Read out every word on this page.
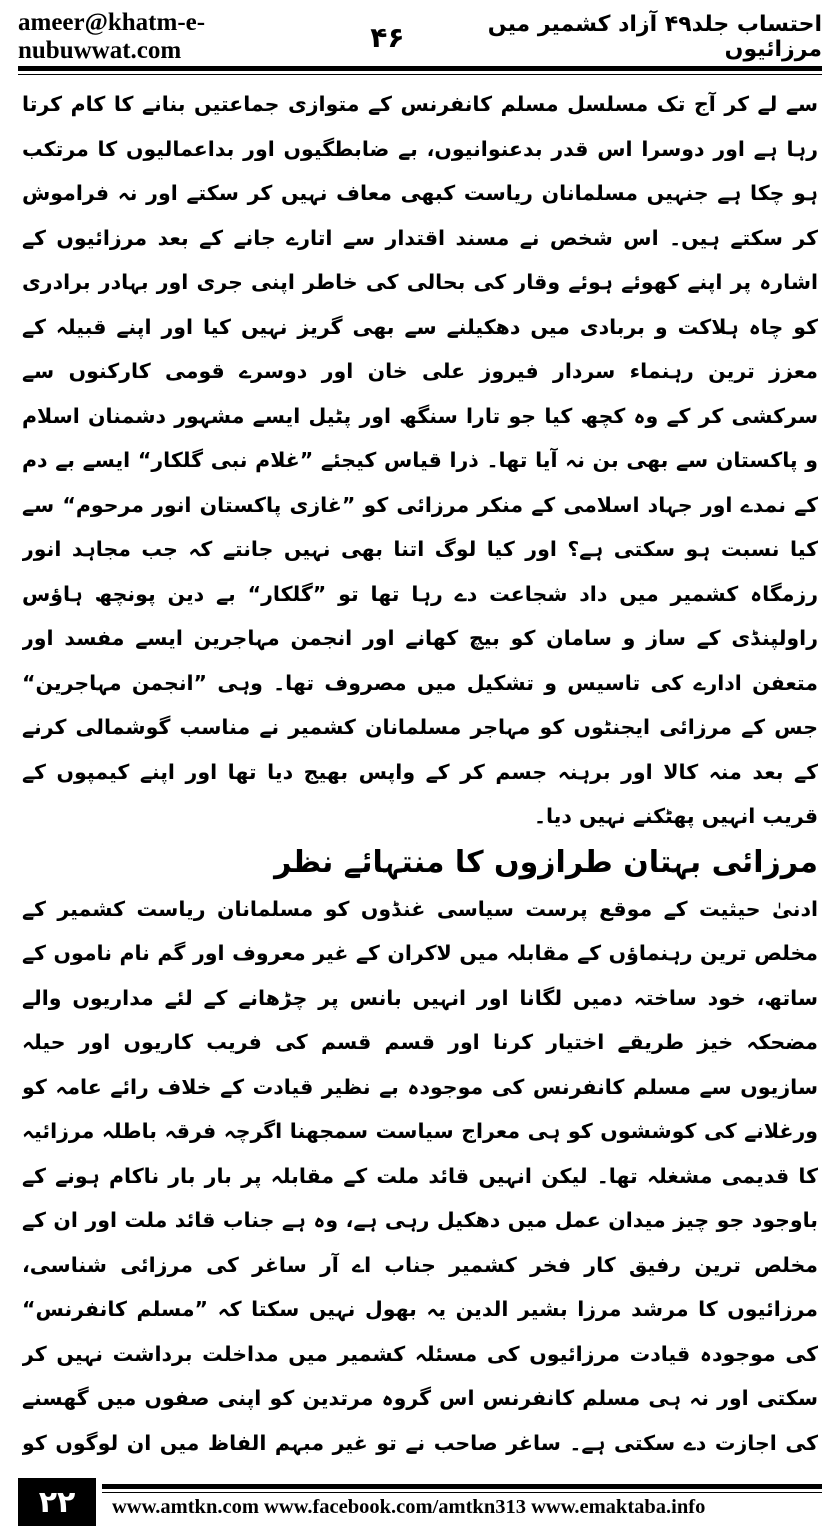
ameer@khatm-e-nubuwwat.com	۴۶	احتساب جلد۴۹ آزاد کشمیر میں مرزائیوں

سے لے کر آج تک مسلسل مسلم کانفرنس کے متوازی جماعتیں بنانے کا کام کرتا رہا ہے اور دوسرا اس قدر بدعنوانیوں، بے ضابطگیوں اور بداعمالیوں کا مرتکب ہو چکا ہے جنہیں مسلمانان ریاست کبھی معاف نہیں کر سکتے اور نہ فراموش کر سکتے ہیں۔ اس شخص نے مسند اقتدار سے اتارے جانے کے بعد مرزائیوں کے اشارہ پر اپنے کھوئے ہوئے وقار کی بحالی کی خاطر اپنی جری اور بہادر برادری کو چاہ ہلاکت و بربادی میں دھکیلنے سے بھی گریز نہیں کیا اور اپنے قبیلہ کے معزز ترین رہنماء سردار فیروز علی خان اور دوسرے قومی کارکنوں سے سرکشی کر کے وہ کچھ کیا جو تارا سنگھ اور پٹیل ایسے مشہور دشمنان اسلام و پاکستان سے بھی بن نہ آیا تھا۔ ذرا قیاس کیجئے ”غلام نبی گلکار“ ایسے بے دم کے نمدے اور جہاد اسلامی کے منکر مرزائی کو ”غازی پاکستان انور مرحوم“ سے کیا نسبت ہو سکتی ہے؟ اور کیا لوگ اتنا بھی نہیں جانتے کہ جب مجاہد انور رزمگاہ کشمیر میں داد شجاعت دے رہا تھا تو ”گلکار“ بے دین پونچھ ہاؤس راولپنڈی کے ساز و سامان کو بیچ کھانے اور انجمن مہاجرین ایسے مفسد اور متعفن ادارے کی تاسیس و تشکیل میں مصروف تھا۔ وہی ”انجمن مہاجرین“ جس کے مرزائی ایجنٹوں کو مہاجر مسلمانان کشمیر نے مناسب گوشمالی کرنے کے بعد منہ کالا اور برہنہ جسم کر کے واپس بھیج دیا تھا اور اپنے کیمپوں کے قریب انہیں پھٹکنے نہیں دیا۔

مرزائی بہتان طرازوں کا منتہائے نظر

ادنیٰ حیثیت کے موقع پرست سیاسی غنڈوں کو مسلمانان ریاست کشمیر کے مخلص ترین رہنماؤں کے مقابلہ میں لاکران کے غیر معروف اور گم نام ناموں کے ساتھ، خود ساختہ دمیں لگانا اور انہیں بانس پر چڑھانے کے لئے مداریوں والے مضحکہ خیز طریقے اختیار کرنا اور قسم قسم کی فریب کاریوں اور حیلہ سازیوں سے مسلم کانفرنس کی موجودہ بے نظیر قیادت کے خلاف رائے عامہ کو ورغلانے کی کوششوں کو ہی معراج سیاست سمجھنا اگرچہ فرقہ باطلہ مرزائیہ کا قدیمی مشغلہ تھا۔ لیکن انہیں قائد ملت کے مقابلہ پر بار بار ناکام ہونے کے باوجود جو چیز میدان عمل میں دھکیل رہی ہے، وہ ہے جناب قائد ملت اور ان کے مخلص ترین رفیق کار فخر کشمیر جناب اے آر ساغر کی مرزائی شناسی، مرزائیوں کا مرشد مرزا بشیر الدین یہ بھول نہیں سکتا کہ ”مسلم کانفرنس“ کی موجودہ قیادت مرزائیوں کی مسئلہ کشمیر میں مداخلت برداشت نہیں کر سکتی اور نہ ہی مسلم کانفرنس اس گروہ مرتدین کو اپنی صفوں میں گھسنے کی اجازت دے سکتی ہے۔ ساغر صاحب نے تو غیر مبہم الفاظ میں ان لوگوں کو

۲۲	www.amtkn.com www.facebook.com/amtkn313 www.emaktaba.info
